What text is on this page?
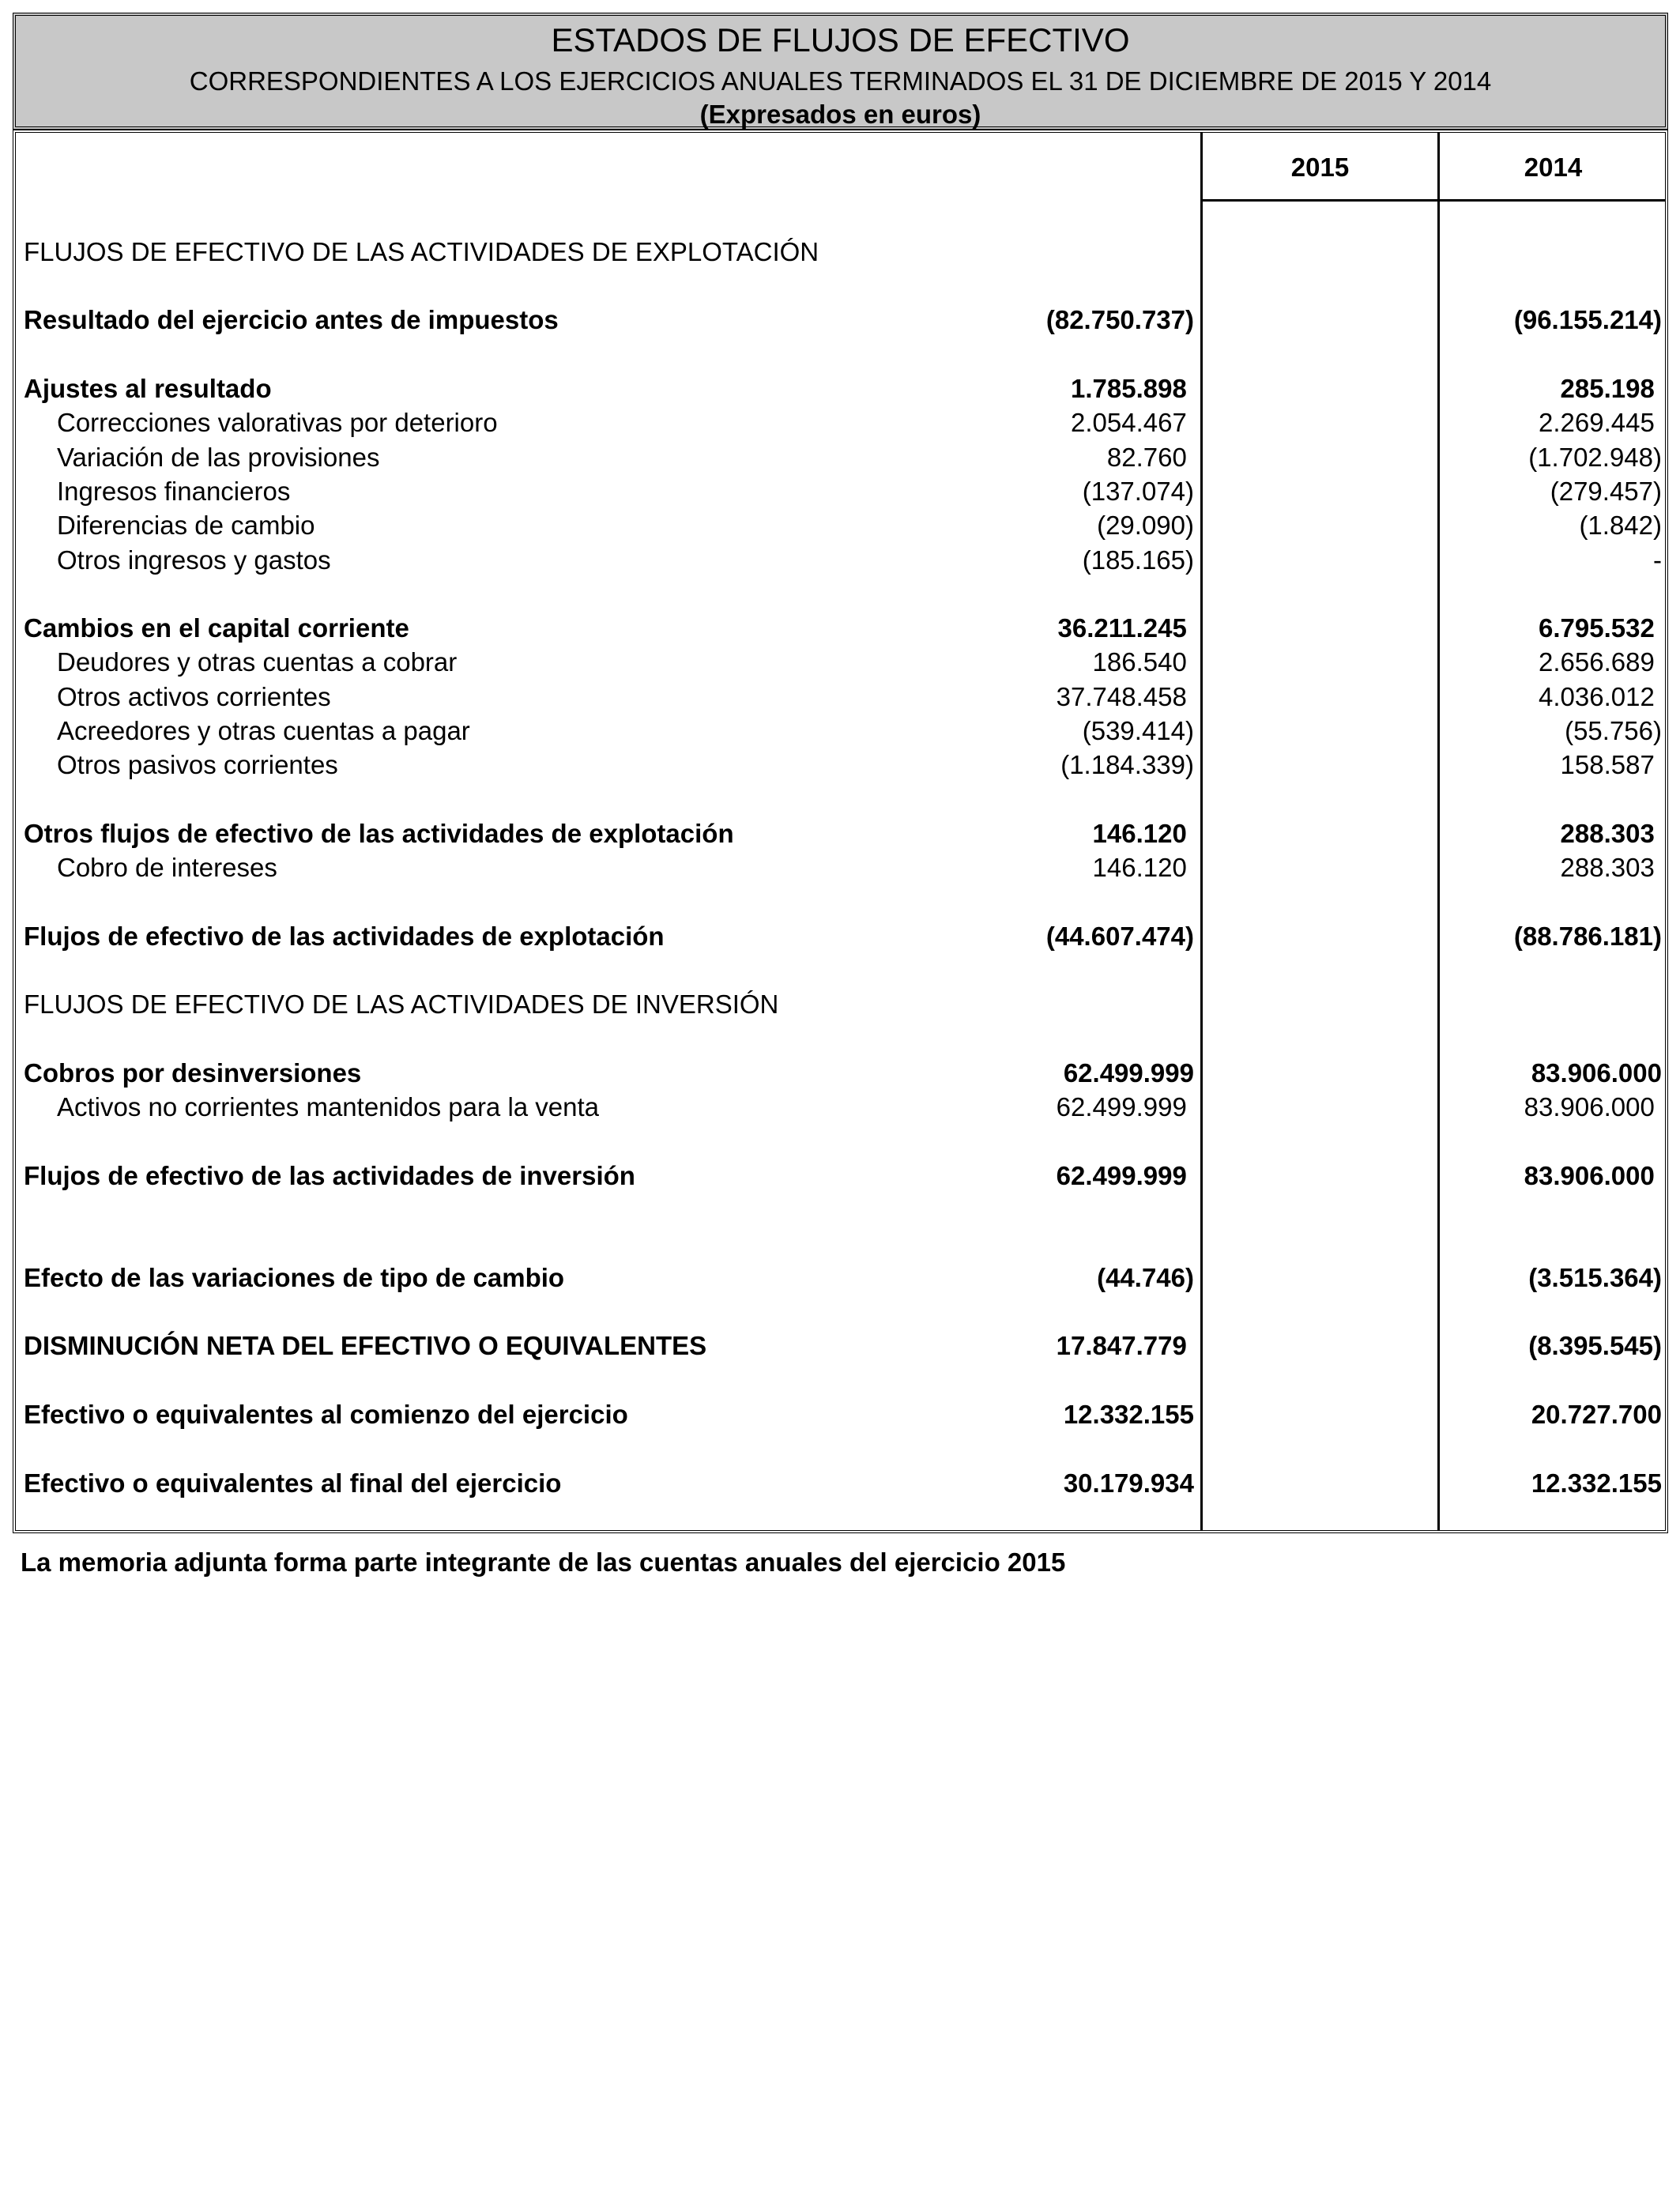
ESTADOS DE FLUJOS DE EFECTIVO
CORRESPONDIENTES A LOS EJERCICIOS ANUALES TERMINADOS EL 31 DE DICIEMBRE DE 2015 Y 2014
(Expresados en euros)
2015	2014
FLUJOS DE EFECTIVO DE LAS ACTIVIDADES DE EXPLOTACIÓN
Resultado del ejercicio antes de impuestos	(82.750.737)	(96.155.214)
Ajustes al resultado	1.785.898	285.198
Correcciones valorativas por deterioro	2.054.467	2.269.445
Variación de las provisiones	82.760	(1.702.948)
Ingresos financieros	(137.074)	(279.457)
Diferencias de cambio	(29.090)	(1.842)
Otros ingresos y gastos	(185.165)	-
Cambios en el capital corriente	36.211.245	6.795.532
Deudores y otras cuentas a cobrar	186.540	2.656.689
Otros activos corrientes	37.748.458	4.036.012
Acreedores y otras cuentas a pagar	(539.414)	(55.756)
Otros pasivos corrientes	(1.184.339)	158.587
Otros flujos de efectivo de las actividades de explotación	146.120	288.303
Cobro de intereses	146.120	288.303
Flujos de efectivo de las actividades de explotación	(44.607.474)	(88.786.181)
FLUJOS DE EFECTIVO DE LAS ACTIVIDADES DE INVERSIÓN
Cobros por desinversiones	62.499.999	83.906.000
Activos no corrientes mantenidos para la venta	62.499.999	83.906.000
Flujos de efectivo de las actividades de inversión	62.499.999	83.906.000
Efecto de las variaciones de tipo de cambio	(44.746)	(3.515.364)
DISMINUCIÓN NETA DEL EFECTIVO O EQUIVALENTES	17.847.779	(8.395.545)
Efectivo o equivalentes al comienzo del ejercicio	12.332.155	20.727.700
Efectivo o equivalentes al final del ejercicio	30.179.934	12.332.155
La memoria adjunta forma parte integrante de las cuentas anuales del ejercicio 2015
